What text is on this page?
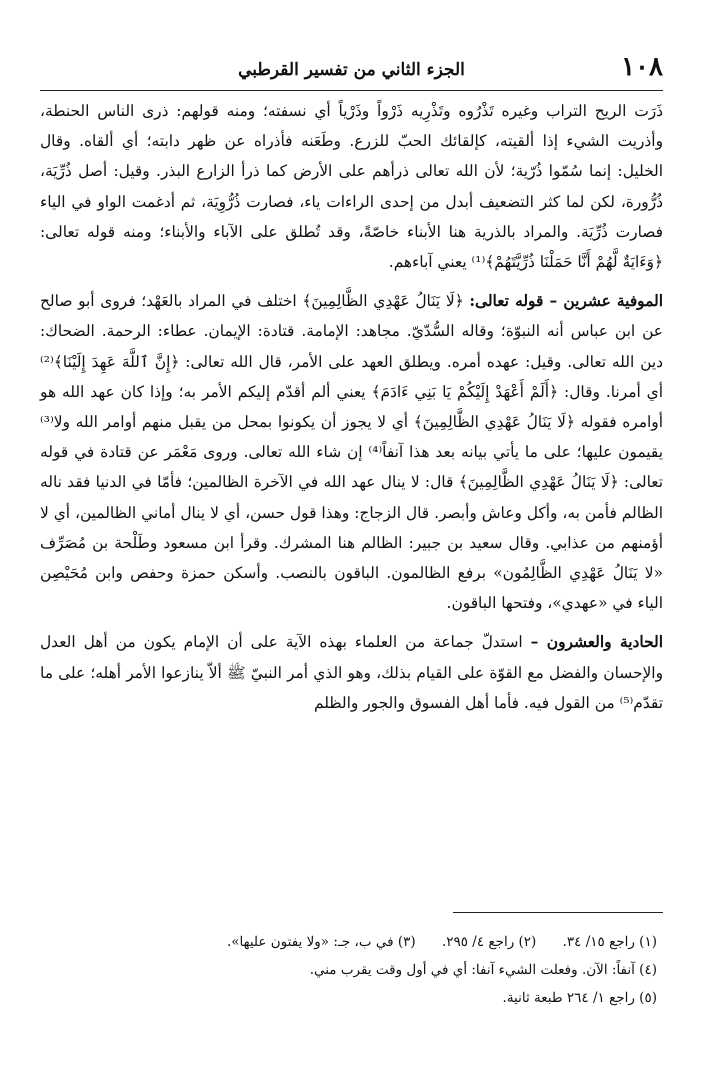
١٠٨
الجزء الثاني من تفسير القرطبي

ذَرَت الريح التراب وغيره تَذْرُوه وتَذْرِيه ذَرْواً وذَرْياً أي نسفته؛ ومنه قولهم: ذرى الناس الحنطة، وأذريت الشيء إذا ألقيته، كإلقائك الحبّ للزرع. وطَعَنه فأذراه عن ظهر دابته؛ أي ألقاه. وقال الخليل: إنما سُمّوا ذُرّية؛ لأن الله تعالى ذرأهم على الأرض كما ذرأ الزارع البذر. وقيل: أصل ذُرِّيَة، ذُرُّورة، لكن لما كثر التضعيف أبدل من إحدى الراءات ياء، فصارت ذُرُّوِيَة، ثم أدغمت الواو في الياء فصارت ذُرِّيَة. والمراد بالذرية هنا الأبناء خاصّةً، وقد تُطلق على الآباء والأبناء؛ ومنه قوله تعالى: ﴿وَءَايَةٌ لَّهُمْ أَنَّا حَمَلْنَا ذُرِّيَّتَهُمْ﴾⁽¹⁾ يعني آباءهم.

الموفية عشرين – قوله تعالى: ﴿لَا يَنَالُ عَهْدِي الظَّالِمِينَ﴾ اختلف في المراد بالعَهْد؛ فروى أبو صالح عن ابن عباس أنه النبوّة؛ وقاله السُّدّيّ. مجاهد: الإمامة. قتادة: الإيمان. عطاء: الرحمة. الضحاك: دين الله تعالى. وقيل: عهده أمره. ويطلق العهد على الأمر، قال الله تعالى: ﴿إِنَّ ٱللَّهَ عَهِدَ إِلَيْنَا﴾⁽²⁾ أي أمرنا. وقال: ﴿أَلَمْ أَعْهَدْ إِلَيْكُمْ يَا بَنِي ءَادَمَ﴾ يعني ألم أقدّم إليكم الأمر به؛ وإذا كان عهد الله هو أوامره فقوله ﴿لَا يَنَالُ عَهْدِي الظَّالِمِينَ﴾ أي لا يجوز أن يكونوا بمحل من يقبل منهم أوامر الله ولا⁽³⁾ يقيمون عليها؛ على ما يأتي بيانه بعد هذا آنفاً⁽⁴⁾ إن شاء الله تعالى. وروى مَعْمَر عن قتادة في قوله تعالى: ﴿لَا يَنَالُ عَهْدِي الظَّالِمِينَ﴾ قال: لا ينال عهد الله في الآخرة الظالمين؛ فأمّا في الدنيا فقد ناله الظالم فأمن به، وأكل وعاش وأبصر. قال الزجاج: وهذا قول حسن، أي لا ينال أماني الظالمين، أي لا أؤمنهم من عذابي. وقال سعيد بن جبير: الظالم هنا المشرك. وقرأ ابن مسعود وطَلْحة بن مُصَرِّف «لا يَنَالُ عَهْدِي الظَّالِمُون» برفع الظالمون. الباقون بالنصب. وأسكن حمزة وحفص وابن مُحَيْصِن الياء في «عهدي»، وفتحها الباقون.

الحادية والعشرون – استدلّ جماعة من العلماء بهذه الآية على أن الإمام يكون من أهل العدل والإحسان والفضل مع القوّة على القيام بذلك، وهو الذي أمر النبيّ ﷺ ألاّ ينازعوا الأمر أهله؛ على ما تقدّم⁽⁵⁾ من القول فيه. فأما أهل الفسوق والجور والظلم

(١) راجع ١٥/ ٣٤. (٢) راجع ٤/ ٢٩٥. (٣) في ب، جـ: «ولا يفتون عليها».
(٤) آنفاً: الآن. وفعلت الشيء آنفا: أي في أول وقت يقرب مني.
(٥) راجع ١/ ٢٦٤ طبعة ثانية.
